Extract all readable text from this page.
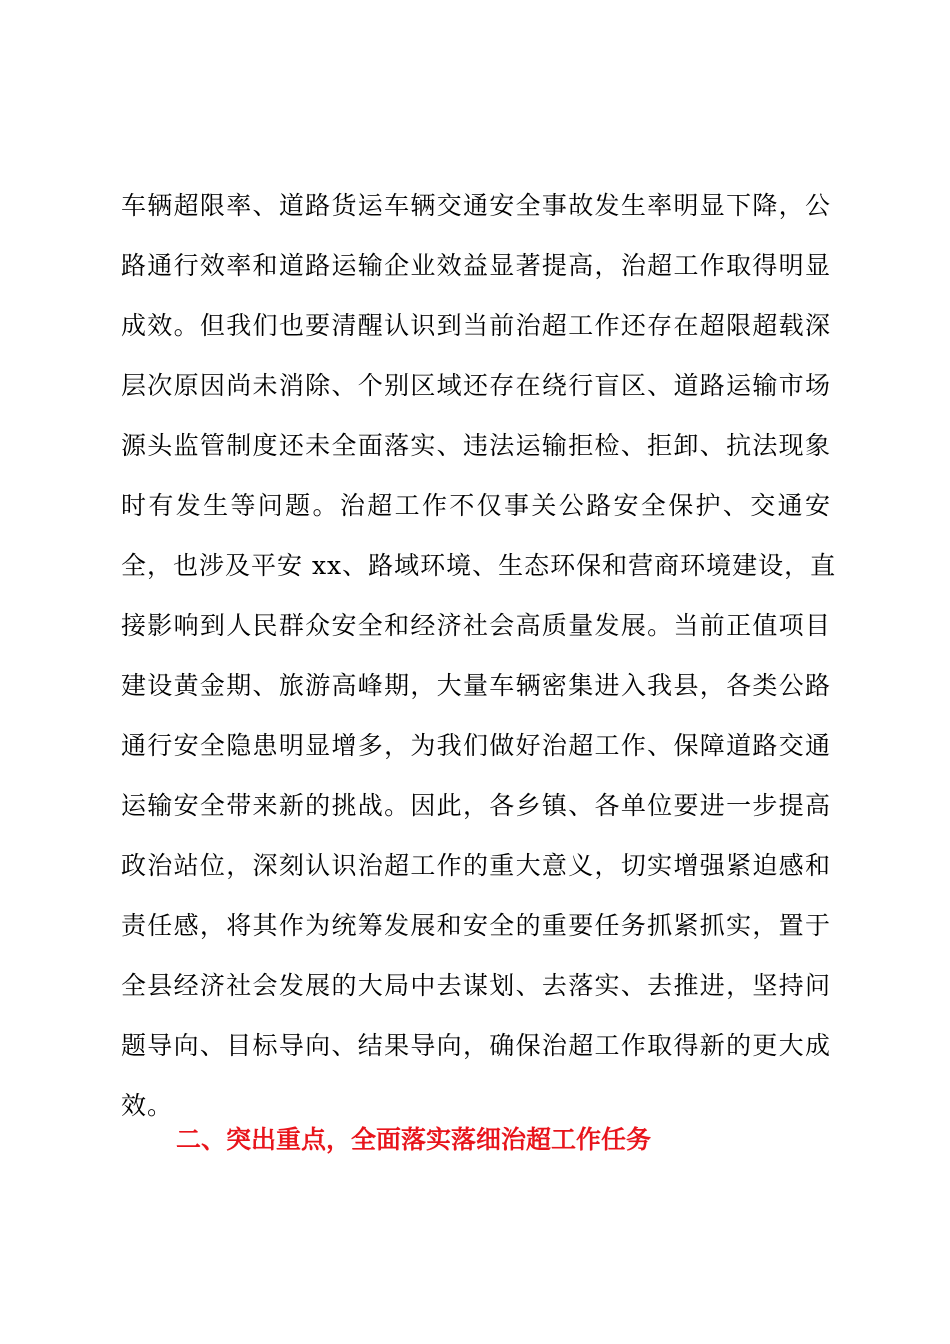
车辆超限率、道路货运车辆交通安全事故发生率明显下降，公
路通行效率和道路运输企业效益显著提高，治超工作取得明显
成效。但我们也要清醒认识到当前治超工作还存在超限超载深
层次原因尚未消除、个别区域还存在绕行盲区、道路运输市场
源头监管制度还未全面落实、违法运输拒检、拒卸、抗法现象
时有发生等问题。治超工作不仅事关公路安全保护、交通安
全，也涉及平安 xx、路域环境、生态环保和营商环境建设，直
接影响到人民群众安全和经济社会高质量发展。当前正值项目
建设黄金期、旅游高峰期，大量车辆密集进入我县，各类公路
通行安全隐患明显增多，为我们做好治超工作、保障道路交通
运输安全带来新的挑战。因此，各乡镇、各单位要进一步提高
政治站位，深刻认识治超工作的重大意义，切实增强紧迫感和
责任感，将其作为统筹发展和安全的重要任务抓紧抓实，置于
全县经济社会发展的大局中去谋划、去落实、去推进，坚持问
题导向、目标导向、结果导向，确保治超工作取得新的更大成
效。
二、突出重点，全面落实落细治超工作任务
